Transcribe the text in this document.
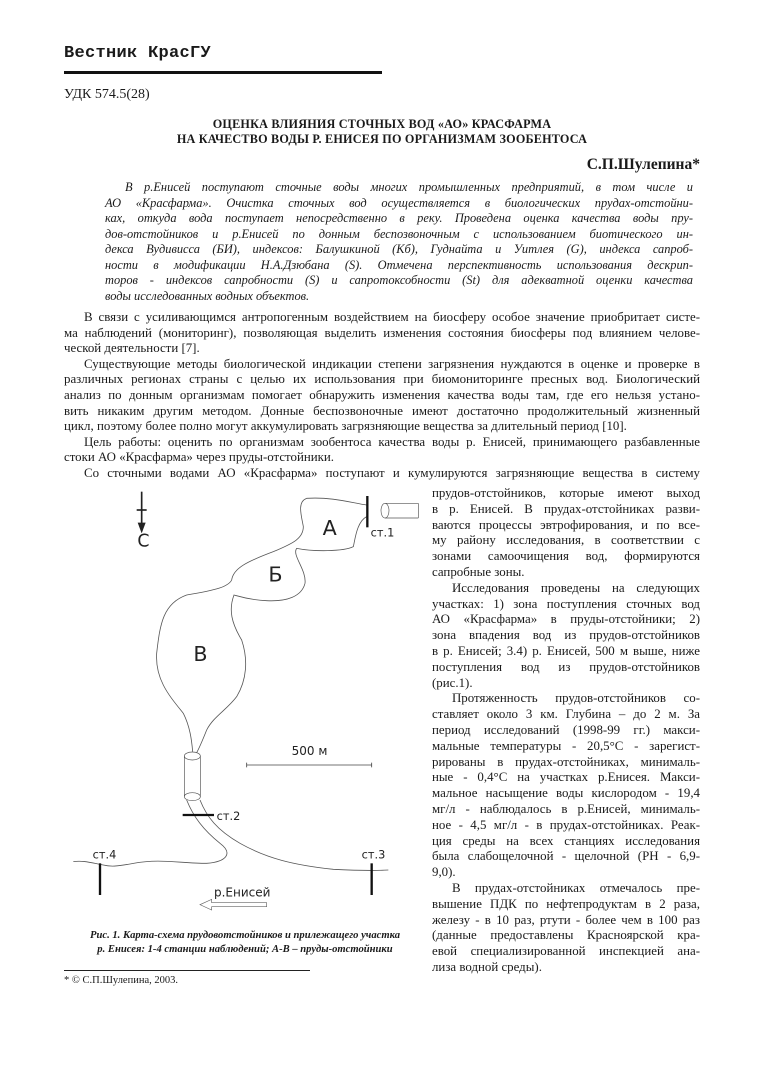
Вестник КрасГУ
УДК 574.5(28)
ОЦЕНКА ВЛИЯНИЯ СТОЧНЫХ ВОД «АО» КРАСФАРМА
НА КАЧЕСТВО ВОДЫ Р. ЕНИСЕЯ ПО ОРГАНИЗМАМ ЗООБЕНТОСА
С.П.Шулепина*
В р.Енисей поступают сточные воды многих промышленных предприятий, в том числе и
АО «Красфарма». Очистка сточных вод осуществляется в биологических прудах-отстойни-
ках, откуда вода поступает непосредственно в реку. Проведена оценка качества воды пру-
дов-отстойников и р.Енисей по донным беспозвоночным с использованием биотического ин-
декса Вудивисса (БИ), индексов: Балушкиной (Кб), Гуднайта и Уитлея (G), индекса сапроб-
ности в модификации Н.А.Дзюбана (S). Отмечена перспективность использования дескрип-
торов - индексов сапробности (S) и сапротоксобности (St) для адекватной оценки качества
воды исследованных водных объектов.
В связи с усиливающимся антропогенным воздействием на биосферу особое значение приобритает систе-
ма наблюдений (мониторинг), позволяющая выделить изменения состояния биосферы под влиянием челове-
ческой деятельности [7].
Существующие методы биологической индикации степени загрязнения нуждаются в оценке и проверке в
различных регионах страны с целью их использования при биомониторинге пресных вод. Биологический
анализ по донным организмам помогает обнаружить изменения качества воды там, где его нельзя устано-
вить никаким другим методом. Донные беспозвоночные имеют достаточно продолжительный жизненный
цикл, поэтому более полно могут аккумулировать загрязняющие вещества за длительный период [10].
Цель работы: оценить по организмам зообентоса качества воды р. Енисей, принимающего разбавленные
стоки АО «Красфарма» через пруды-отстойники.
Со сточными водами АО «Красфарма» поступают и кумулируются загрязняющие вещества в систему
прудов-отстойников, которые имеют выход
в р. Енисей. В прудах-отстойниках разви-
ваются процессы эвтрофирования, и по все-
му району исследования, в соответствии с
зонами самоочищения вод, формируются
сапробные зоны.
Исследования проведены на следующих
участках: 1) зона поступления сточных вод
АО «Красфарма» в пруды-отстойники; 2)
зона впадения вод из прудов-отстойников
в р. Енисей; 3.4) р. Енисей, 500 м выше, ниже
поступления вод из прудов-отстойников
(рис.1).
Протяженность прудов-отстойников со-
ставляет около 3 км. Глубина – до 2 м. За
период исследований (1998-99 гг.) макси-
мальные температуры - 20,5°С - зарегист-
рированы в прудах-отстойниках, минималь-
ные - 0,4°С на участках р.Енисея. Макси-
мальное насыщение воды кислородом - 19,4
мг/л - наблюдалось в р.Енисей, минималь-
ное - 4,5 мг/л - в прудах-отстойниках. Реак-
ция среды на всех станциях исследования
была слабощелочной - щелочной (РН - 6,9-
9,0).
В прудах-отстойниках отмечалось пре-
вышение ПДК по нефтепродуктам в 2 раза,
железу - в 10 раз, ртути - более чем в 100 раз
(данные предоставлены Красноярской кра-
евой специализированной инспекцией ана-
лиза водной среды).
С	ст.1
А
Б
В
500 м
ст.2
ст.4	ст.3
р.Енисей
Рис. 1. Карта-схема прудовотстойников и прилежащего участка
р. Енисея: 1-4 станции наблюдений; А-В – пруды-отстойники
* © С.П.Шулепина, 2003.
